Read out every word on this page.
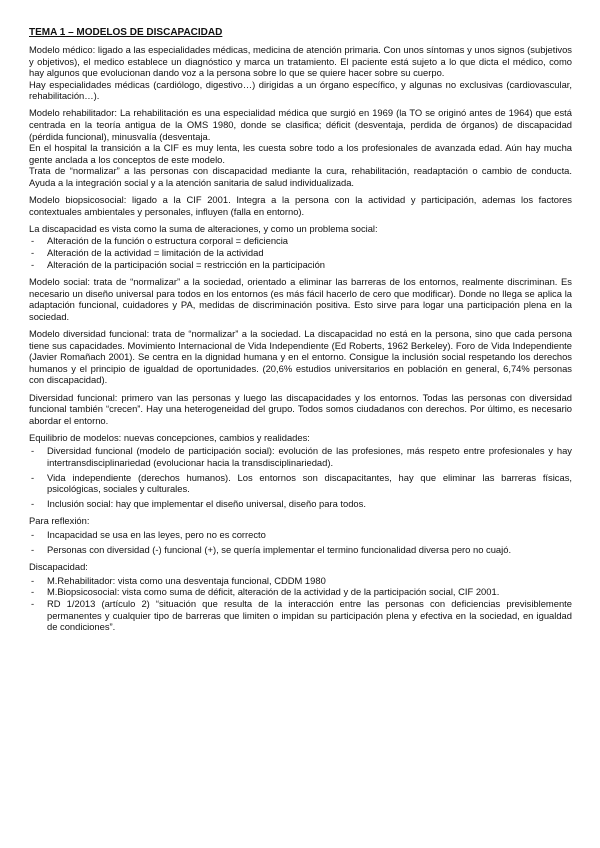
TEMA 1 – MODELOS DE DISCAPACIDAD

Modelo médico: ligado a las especialidades médicas, medicina de atención primaria. Con unos síntomas y unos signos (subjetivos y objetivos), el medico establece un diagnóstico y marca un tratamiento. El paciente está sujeto a lo que dicta el médico, como hay algunos que evolucionan dando voz a la persona sobre lo que se quiere hacer sobre su cuerpo.

Hay especialidades médicas (cardiólogo, digestivo…) dirigidas a un órgano específico, y algunas no exclusivas (cardiovascular, rehabilitación…).

Modelo rehabilitador: La rehabilitación es una especialidad médica que surgió en 1969 (la TO se originó antes de 1964) que está centrada en la teoría antigua de la OMS 1980, donde se clasifica; déficit (desventaja, perdida de órganos) de discapacidad (pérdida funcional), minusvalía (desventaja.

En el hospital la transición a la CIF es muy lenta, les cuesta sobre todo a los profesionales de avanzada edad. Aún hay mucha gente anclada a los conceptos de este modelo.

Trata de “normalizar” a las personas con discapacidad mediante la cura, rehabilitación, readaptación o cambio de conducta. Ayuda a la integración social y a la atención sanitaria de salud individualizada.

Modelo biopsicosocial: ligado a la CIF 2001. Integra a la persona con la actividad y participación, ademas los factores contextuales ambientales y personales, influyen (falla en entorno).

La discapacidad es vista como la suma de alteraciones, y como un problema social:

- Alteración de la función o estructura corporal = deficiencia
- Alteración de la actividad = limitación de la actividad
- Alteración de la participación social = restricción en la participación

Modelo social: trata de “normalizar” a la sociedad, orientado a eliminar las barreras de los entornos, realmente discriminan. Es necesario un diseño universal para todos en los entornos (es más fácil hacerlo de cero que modificar). Donde no llega se aplica la adaptación funcional, cuidadores y PA, medidas de discriminación positiva. Esto sirve para logar una participación plena en la sociedad.

Modelo diversidad funcional: trata de “normalizar” a la sociedad. La discapacidad no está en la persona, sino que cada persona tiene sus capacidades. Movimiento Internacional de Vida Independiente (Ed Roberts, 1962 Berkeley). Foro de Vida Independiente (Javier Romañach 2001). Se centra en la dignidad humana y en el entorno. Consigue la inclusión social respetando los derechos humanos y el principio de igualdad de oportunidades. (20,6% estudios universitarios en población en general, 6,74% personas con discapacidad).

Diversidad funcional: primero van las personas y luego las discapacidades y los entornos. Todas las personas con diversidad funcional también “crecen”. Hay una heterogeneidad del grupo. Todos somos ciudadanos con derechos. Por último, es necesario abordar el entorno.

Equilibrio de modelos: nuevas concepciones, cambios y realidades:

- Diversidad funcional (modelo de participación social): evolución de las profesiones, más respeto entre profesionales y hay intertransdisciplinariedad (evolucionar hacia la transdisciplinariedad).
- Vida independiente (derechos humanos). Los entornos son discapacitantes, hay que eliminar las barreras físicas, psicológicas, sociales y culturales.
- Inclusión social: hay que implementar el diseño universal, diseño para todos.

Para reflexión:

- Incapacidad se usa en las leyes, pero no es correcto
- Personas con diversidad (-) funcional (+), se quería implementar el termino funcionalidad diversa pero no cuajó.

Discapacidad:

- M.Rehabilitador: vista como una desventaja funcional, CDDM 1980
- M.Biopsicosocial: vista como suma de déficit, alteración de la actividad y de la participación social, CIF 2001.
- RD 1/2013 (artículo 2) “situación que resulta de la interacción entre las personas con deficiencias previsiblemente permanentes y cualquier tipo de barreras que limiten o impidan su participación plena y efectiva en la sociedad, en igualdad de condiciones”.
